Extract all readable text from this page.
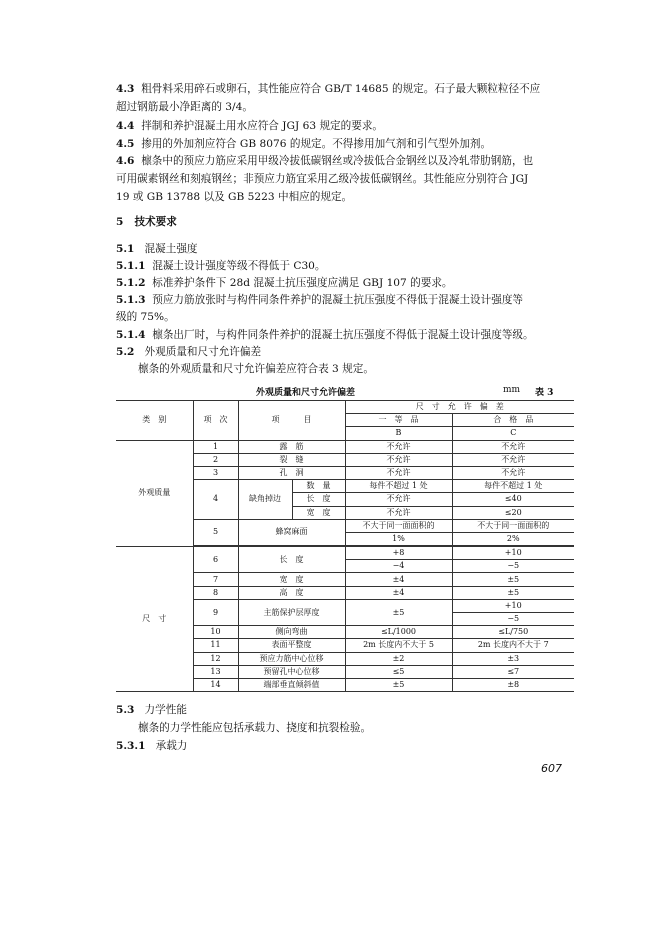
4.3 粗骨料采用碎石或卵石，其性能应符合 GB/T 14685 的规定。石子最大颗粒粒径不应
超过钢筋最小净距离的 3/4。
4.4 拌制和养护混凝土用水应符合 JGJ 63 规定的要求。
4.5 掺用的外加剂应符合 GB 8076 的规定。不得掺用加气剂和引气型外加剂。
4.6 檩条中的预应力筋应采用甲级冷拔低碳钢丝或冷拔低合金钢丝以及冷轧带肋钢筋，也
可用碳素钢丝和刻痕钢丝；非预应力筋宜采用乙级冷拔低碳钢丝。其性能应分别符合 JGJ
19 或 GB 13788 以及 GB 5223 中相应的规定。
5 技术要求
5.1 混凝土强度
5.1.1 混凝土设计强度等级不得低于 C30。
5.1.2 标准养护条件下 28d 混凝土抗压强度应满足 GBJ 107 的要求。
5.1.3 预应力筋放张时与构件同条件养护的混凝土抗压强度不得低于混凝土设计强度等
级的 75%。
5.1.4 檩条出厂时，与构件同条件养护的混凝土抗压强度不得低于混凝土设计强度等级。
5.2 外观质量和尺寸允许偏差
檩条的外观质量和尺寸允许偏差应符合表 3 规定。
外观质量和尺寸允许偏差	mm 表 3
类　别	项　次	项　　　目		尺　寸　允　许　偏　差	
				一　等　品	合　格　品
				B	C
外观质量	1	露　筋		不允许	不允许
	2	裂　缝		不允许	不允许
	3	孔　洞		不允许	不允许
	4	缺角掉边	数　量	每件不超过 1 处	每件不超过 1 处
			长　度	不允许	≤40
			宽　度	不允许	≤20
	5	蜂窝麻面		不大于同一面面积的	不大于同一面面积的
				1%	2%

尺　寸	6	长　度		+8	+10
				−4	−5
	7	宽　度		±4	±5
	8	高　度		±4	±5
	9	主筋保护层厚度		±5	+10
					−5
	10	侧向弯曲		≤L/1000	≤L/750
	11	表面平整度		2m 长度内不大于 5	2m 长度内不大于 7
	12	预应力筋中心位移		±2	±3
	13	预留孔中心位移		≤5	≤7
	14	端部垂直倾斜值		±5	±8
5.3 力学性能
檩条的力学性能应包括承载力、挠度和抗裂检验。
5.3.1 承载力
607
